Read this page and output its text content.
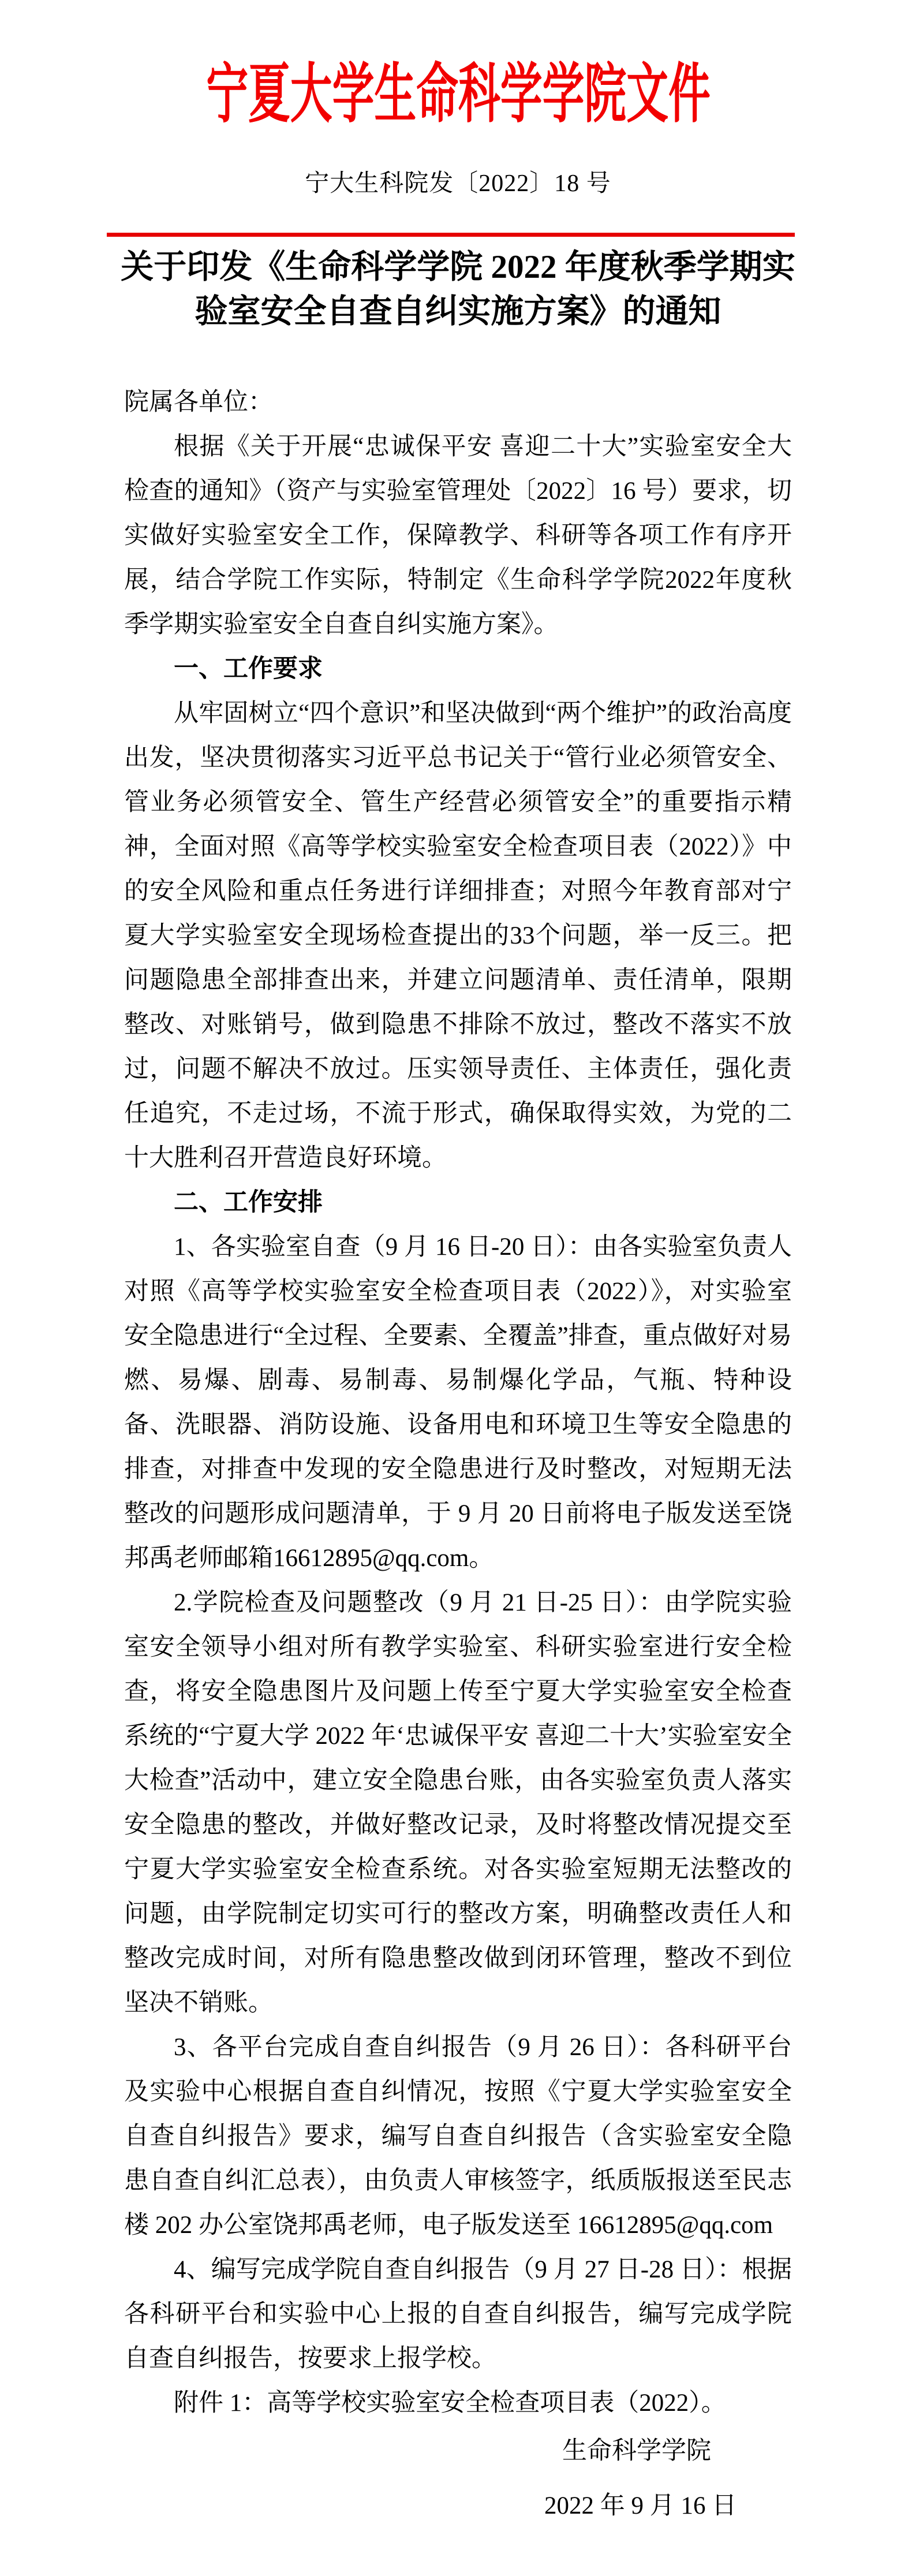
宁夏大学生命科学学院文件
宁大生科院发〔2022〕18 号
关于印发《生命科学学院 2022 年度秋季学期实
验室安全自查自纠实施方案》的通知

院属各单位：

根据《关于开展“忠诚保平安 喜迎二十大”实验室安全大检查的通知》（资产与实验室管理处〔2022〕16 号）要求，切实做好实验室安全工作，保障教学、科研等各项工作有序开展，结合学院工作实际，特制定《生命科学学院2022年度秋季学期实验室安全自查自纠实施方案》。

一、工作要求

从牢固树立“四个意识”和坚决做到“两个维护”的政治高度出发，坚决贯彻落实习近平总书记关于“管行业必须管安全、管业务必须管安全、管生产经营必须管安全”的重要指示精神，全面对照《高等学校实验室安全检查项目表（2022）》中的安全风险和重点任务进行详细排查；对照今年教育部对宁夏大学实验室安全现场检查提出的33个问题，举一反三。把问题隐患全部排查出来，并建立问题清单、责任清单，限期整改、对账销号，做到隐患不排除不放过，整改不落实不放过，问题不解决不放过。压实领导责任、主体责任，强化责任追究，不走过场，不流于形式，确保取得实效，为党的二十大胜利召开营造良好环境。

二、工作安排

1、各实验室自查（9 月 16 日-20 日）：由各实验室负责人对照《高等学校实验室安全检查项目表（2022）》，对实验室安全隐患进行“全过程、全要素、全覆盖”排查，重点做好对易燃、易爆、剧毒、易制毒、易制爆化学品，气瓶、特种设备、洗眼器、消防设施、设备用电和环境卫生等安全隐患的排查，对排查中发现的安全隐患进行及时整改，对短期无法整改的问题形成问题清单，于 9 月 20 日前将电子版发送至饶邦禹老师邮箱16612895@qq.com。

2.学院检查及问题整改（9 月 21 日-25 日）：由学院实验室安全领导小组对所有教学实验室、科研实验室进行安全检查，将安全隐患图片及问题上传至宁夏大学实验室安全检查系统的“宁夏大学 2022 年‘忠诚保平安 喜迎二十大’实验室安全大检查”活动中，建立安全隐患台账，由各实验室负责人落实安全隐患的整改，并做好整改记录，及时将整改情况提交至宁夏大学实验室安全检查系统。对各实验室短期无法整改的问题，由学院制定切实可行的整改方案，明确整改责任人和整改完成时间，对所有隐患整改做到闭环管理，整改不到位坚决不销账。

3、各平台完成自查自纠报告（9 月 26 日）：各科研平台及实验中心根据自查自纠情况，按照《宁夏大学实验室安全自查自纠报告》要求，编写自查自纠报告（含实验室安全隐患自查自纠汇总表），由负责人审核签字，纸质版报送至民志楼 202 办公室饶邦禹老师，电子版发送至 16612895@qq.com

4、编写完成学院自查自纠报告（9 月 27 日-28 日）：根据各科研平台和实验中心上报的自查自纠报告，编写完成学院自查自纠报告，按要求上报学校。

附件 1：高等学校实验室安全检查项目表（2022）。

生命科学学院
2022 年 9 月 16 日
